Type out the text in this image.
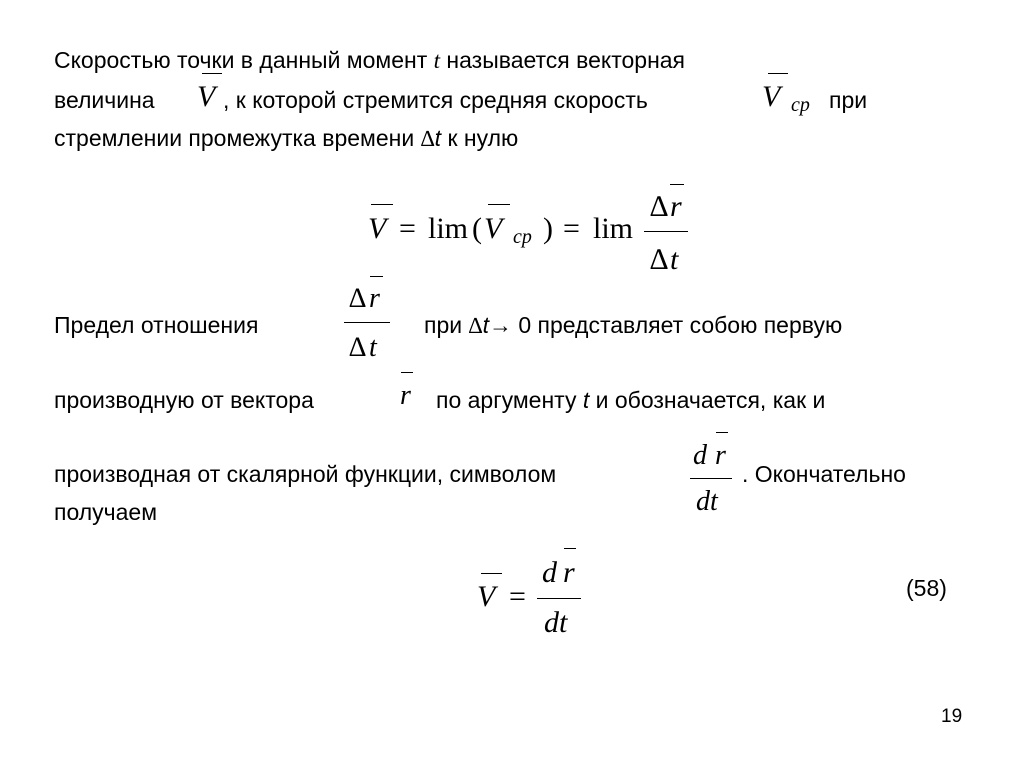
Скоростью точки в данный момент t называется векторная
величина V , к которой стремится средняя скорость	V cp при
стремлении промежутка времени ∆t к нулю
V = lim ( V cp ) = lim
∆ r
∆ t
Предел отношения
∆ r
∆ t
при ∆t→ 0 представляет собою первую
производную от вектора	r по аргументу t и обозначается, как и
производная от скалярной функции, символом
d r
dt
. Окончательно
получаем
V =
d r
dt
(58)
19
